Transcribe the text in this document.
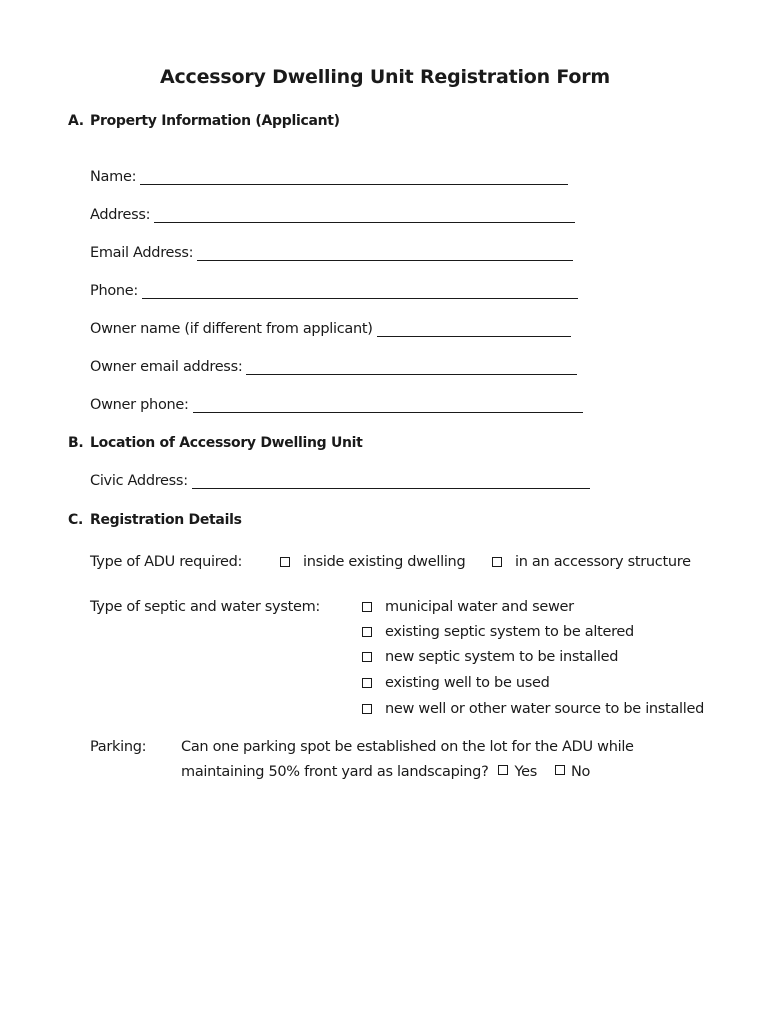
Accessory Dwelling Unit Registration Form
A. Property Information (Applicant)
Name:
Address:
Email Address:
Phone:
Owner name (if different from applicant)
Owner email address:
Owner phone:
B. Location of Accessory Dwelling Unit
Civic Address:
C. Registration Details
Type of ADU required:	inside existing dwelling	in an accessory structure
Type of septic and water system:	municipal water and sewer
existing septic system to be altered
new septic system to be installed
existing well to be used
new well or other water source to be installed
Parking: Can one parking spot be established on the lot for the ADU while
maintaining 50% front yard as landscaping? Yes No
